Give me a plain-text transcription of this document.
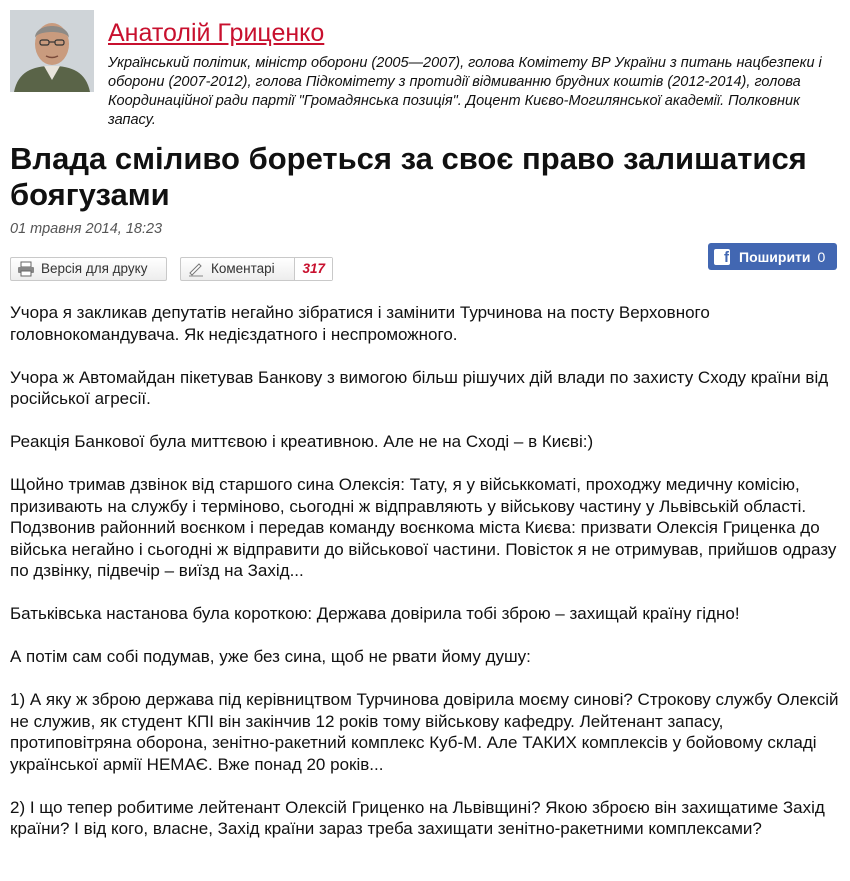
Анатолій Гриценко
Український політик, міністр оборони (2005—2007), голова Комітету ВР України з питань нацбезпеки і оборони (2007-2012), голова Підкомітету з протидії відмиванню брудних коштів (2012-2014), голова Координаційної ради партії "Громадянська позиція". Доцент Києво-Могилянської академії. Полковник запасу.
Влада сміливо бореться за своє право залишатися боягузами
01 травня 2014, 18:23
Версія для друку	Коментарі	317
f Поширити 0

Учора я закликав депутатів негайно зібратися і замінити Турчинова на посту Верховного головнокомандувача. Як недієздатного і неспроможного.

Учора ж Автомайдан пікетував Банкову з вимогою більш рішучих дій влади по захисту Сходу країни від російської агресії.

Реакція Банкової була миттєвою і креативною. Але не на Сході – в Києві:)

Щойно тримав дзвінок від старшого сина Олексія: Тату, я у військкоматі, проходжу медичну комісію, призивають на службу і терміново, сьогодні ж відправляють у військову частину у Львівській області. Подзвонив районний воєнком і передав команду воєнкома міста Києва: призвати Олексія Гриценка до війська негайно і сьогодні ж відправити до військової частини. Повісток я не отримував, прийшов одразу по дзвінку, підвечір – виїзд на Захід...

Батьківська настанова була короткою: Держава довірила тобі зброю – захищай країну гідно!

А потім сам собі подумав, уже без сина, щоб не рвати йому душу:

1) А яку ж зброю держава під керівництвом Турчинова довірила моєму синові? Строкову службу Олексій не служив, як студент КПІ він закінчив 12 років тому військову кафедру. Лейтенант запасу, протиповітряна оборона, зенітно-ракетний комплекс Куб-М. Але ТАКИХ комплексів у бойовому складі української армії НЕМАЄ. Вже понад 20 років...

2) І що тепер робитиме лейтенант Олексій Гриценко на Львівщині? Якою зброєю він захищатиме Захід країни? І від кого, власне, Захід країни зараз треба захищати зенітно-ракетними комплексами?
